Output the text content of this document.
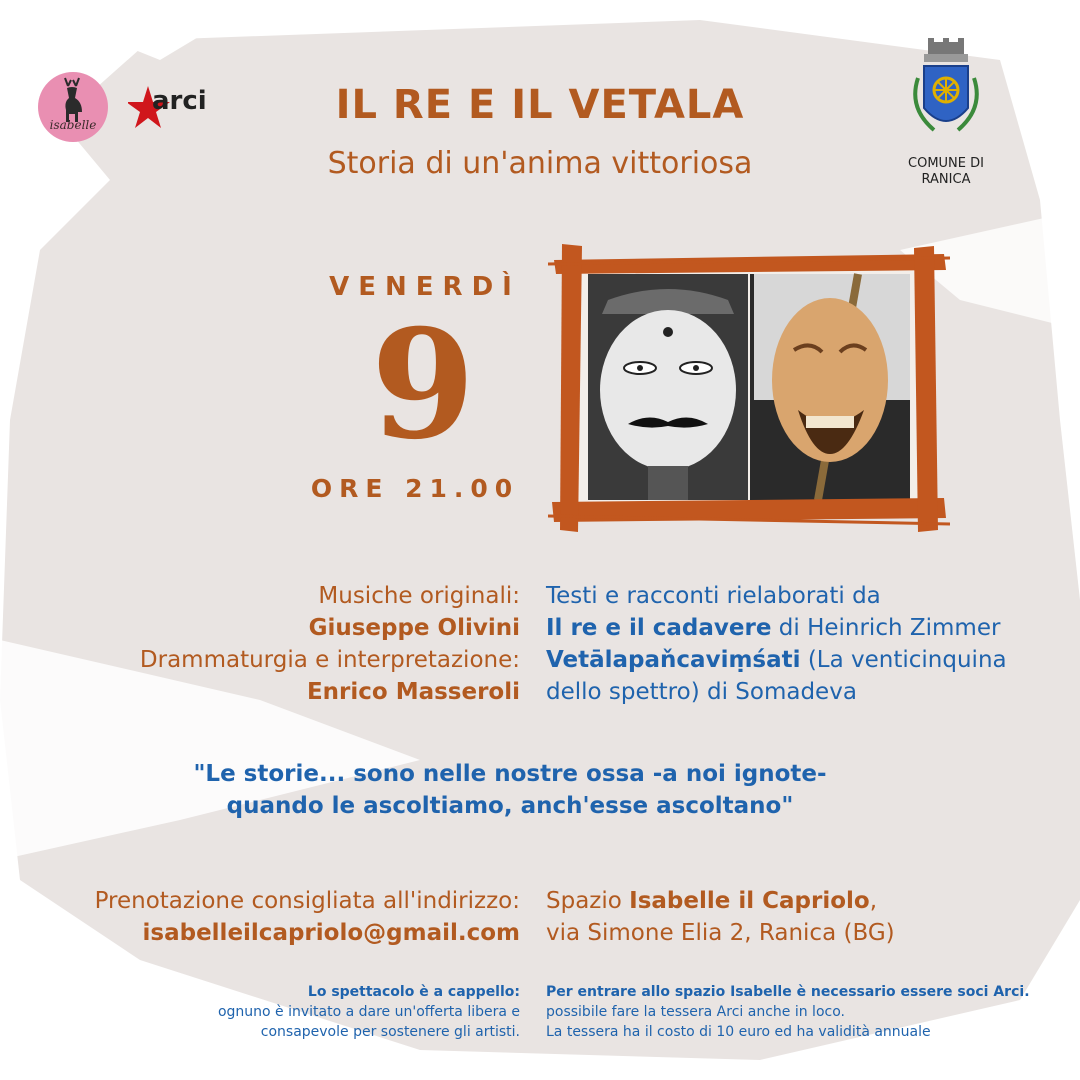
isabelle
arci
COMUNE DI
RANICA
IL RE E IL VETALA
Storia di un'anima vittoriosa
VENERDÌ
9
ORE 21.00
Musiche originali:
Giuseppe Olivini
Drammaturgia e interpretazione:
Enrico Masseroli
Testi e racconti rielaborati da
Il re e il cadavere di Heinrich Zimmer
Vetālapaňcaviṃśati (La venticinquina
dello spettro) di Somadeva
"Le storie... sono nelle nostre ossa -a noi ignote-
quando le ascoltiamo, anch'esse ascoltano"
Prenotazione consigliata all'indirizzo:
isabelleilcapriolo@gmail.com
Spazio Isabelle il Capriolo,
via Simone Elia 2, Ranica (BG)
Lo spettacolo è a cappello:
ognuno è invitato a dare un'offerta libera e
consapevole per sostenere gli artisti.
Per entrare allo spazio Isabelle è necessario essere soci Arci.
possibile fare la tessera Arci anche in loco.
La tessera ha il costo di 10 euro ed ha validità annuale
